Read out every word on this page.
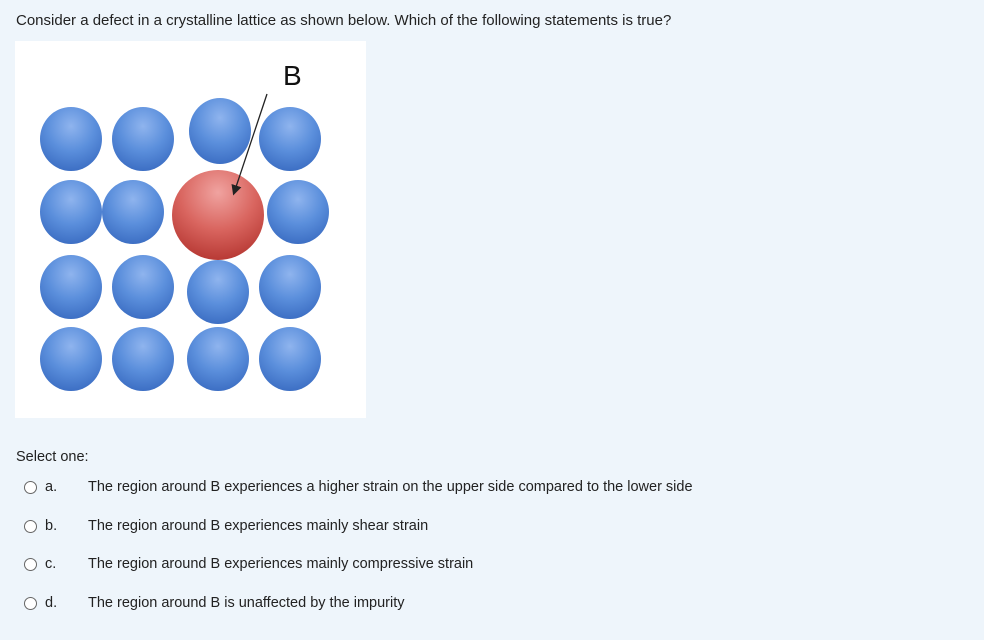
Consider a defect in a crystalline lattice as shown below. Which of the following statements is true?
B
Select one:
a.	The region around B experiences a higher strain on the upper side compared to the lower side
b.	The region around B experiences mainly shear strain
c.	The region around B experiences mainly compressive strain
d.	The region around B is unaffected by the impurity
